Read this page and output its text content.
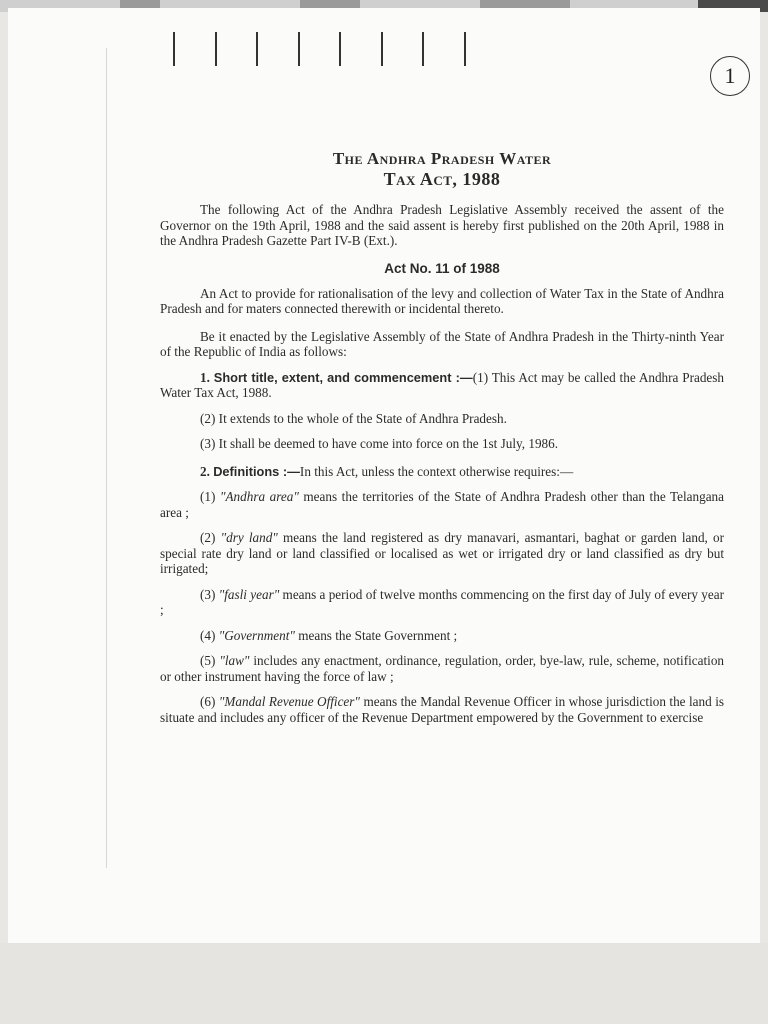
1

The Andhra Pradesh Water

Tax Act, 1988

The following Act of the Andhra Pradesh Legislative Assembly received the assent of the Governor on the 19th April, 1988 and the said assent is hereby first published on the 20th April, 1988 in the Andhra Pradesh Gazette Part IV-B (Ext.).

Act No. 11 of 1988

An Act to provide for rationalisation of the levy and collection of Water Tax in the State of Andhra Pradesh and for maters connected therewith or incidental thereto.

Be it enacted by the Legislative Assembly of the State of Andhra Pradesh in the Thirty-ninth Year of the Republic of India as follows:

1. Short title, extent, and commencement :—(1) This Act may be called the Andhra Pradesh Water Tax Act, 1988.

(2) It extends to the whole of the State of Andhra Pradesh.

(3) It shall be deemed to have come into force on the 1st July, 1986.

2. Definitions :—In this Act, unless the context otherwise requires:—

(1) "Andhra area" means the territories of the State of Andhra Pradesh other than the Telangana area ;

(2) "dry land" means the land registered as dry manavari, asmantari, baghat or garden land, or special rate dry land or land classified or localised as wet or irrigated dry or land classified as dry but irrigated;

(3) "fasli year" means a period of twelve months commencing on the first day of July of every year ;

(4) "Government" means the State Government ;

(5) "law" includes any enactment, ordinance, regulation, order, bye-law, rule, scheme, notification or other instrument having the force of law ;

(6) "Mandal Revenue Officer" means the Mandal Revenue Officer in whose jurisdiction the land is situate and includes any officer of the Revenue Department empowered by the Government to exercise
